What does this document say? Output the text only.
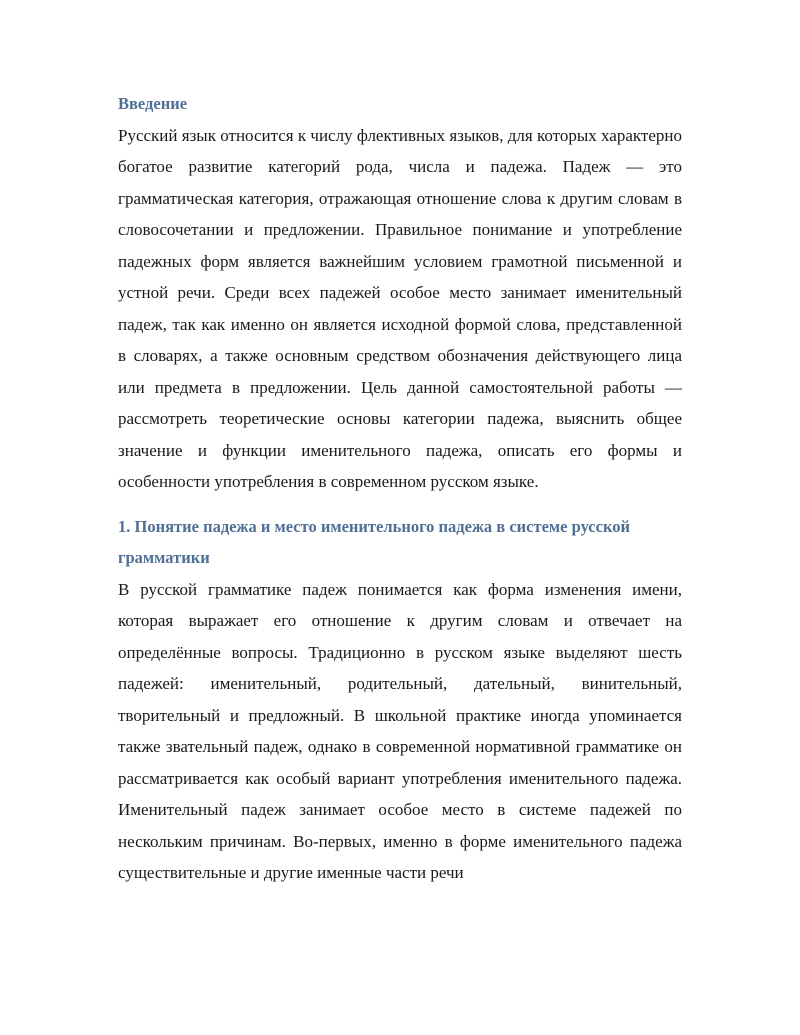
Введение

Русский язык относится к числу флективных языков, для которых характерно богатое развитие категорий рода, числа и падежа. Падеж — это грамматическая категория, отражающая отношение слова к другим словам в словосочетании и предложении. Правильное понимание и употребление падежных форм является важнейшим условием грамотной письменной и устной речи. Среди всех падежей особое место занимает именительный падеж, так как именно он является исходной формой слова, представленной в словарях, а также основным средством обозначения действующего лица или предмета в предложении. Цель данной самостоятельной работы — рассмотреть теоретические основы категории падежа, выяснить общее значение и функции именительного падежа, описать его формы и особенности употребления в современном русском языке.

1. Понятие падежа и место именительного падежа в системе русской грамматики

В русской грамматике падеж понимается как форма изменения имени, которая выражает его отношение к другим словам и отвечает на определённые вопросы. Традиционно в русском языке выделяют шесть падежей: именительный, родительный, дательный, винительный, творительный и предложный. В школьной практике иногда упоминается также звательный падеж, однако в современной нормативной грамматике он рассматривается как особый вариант употребления именительного падежа. Именительный падеж занимает особое место в системе падежей по нескольким причинам. Во-первых, именно в форме именительного падежа существительные и другие именные части речи
